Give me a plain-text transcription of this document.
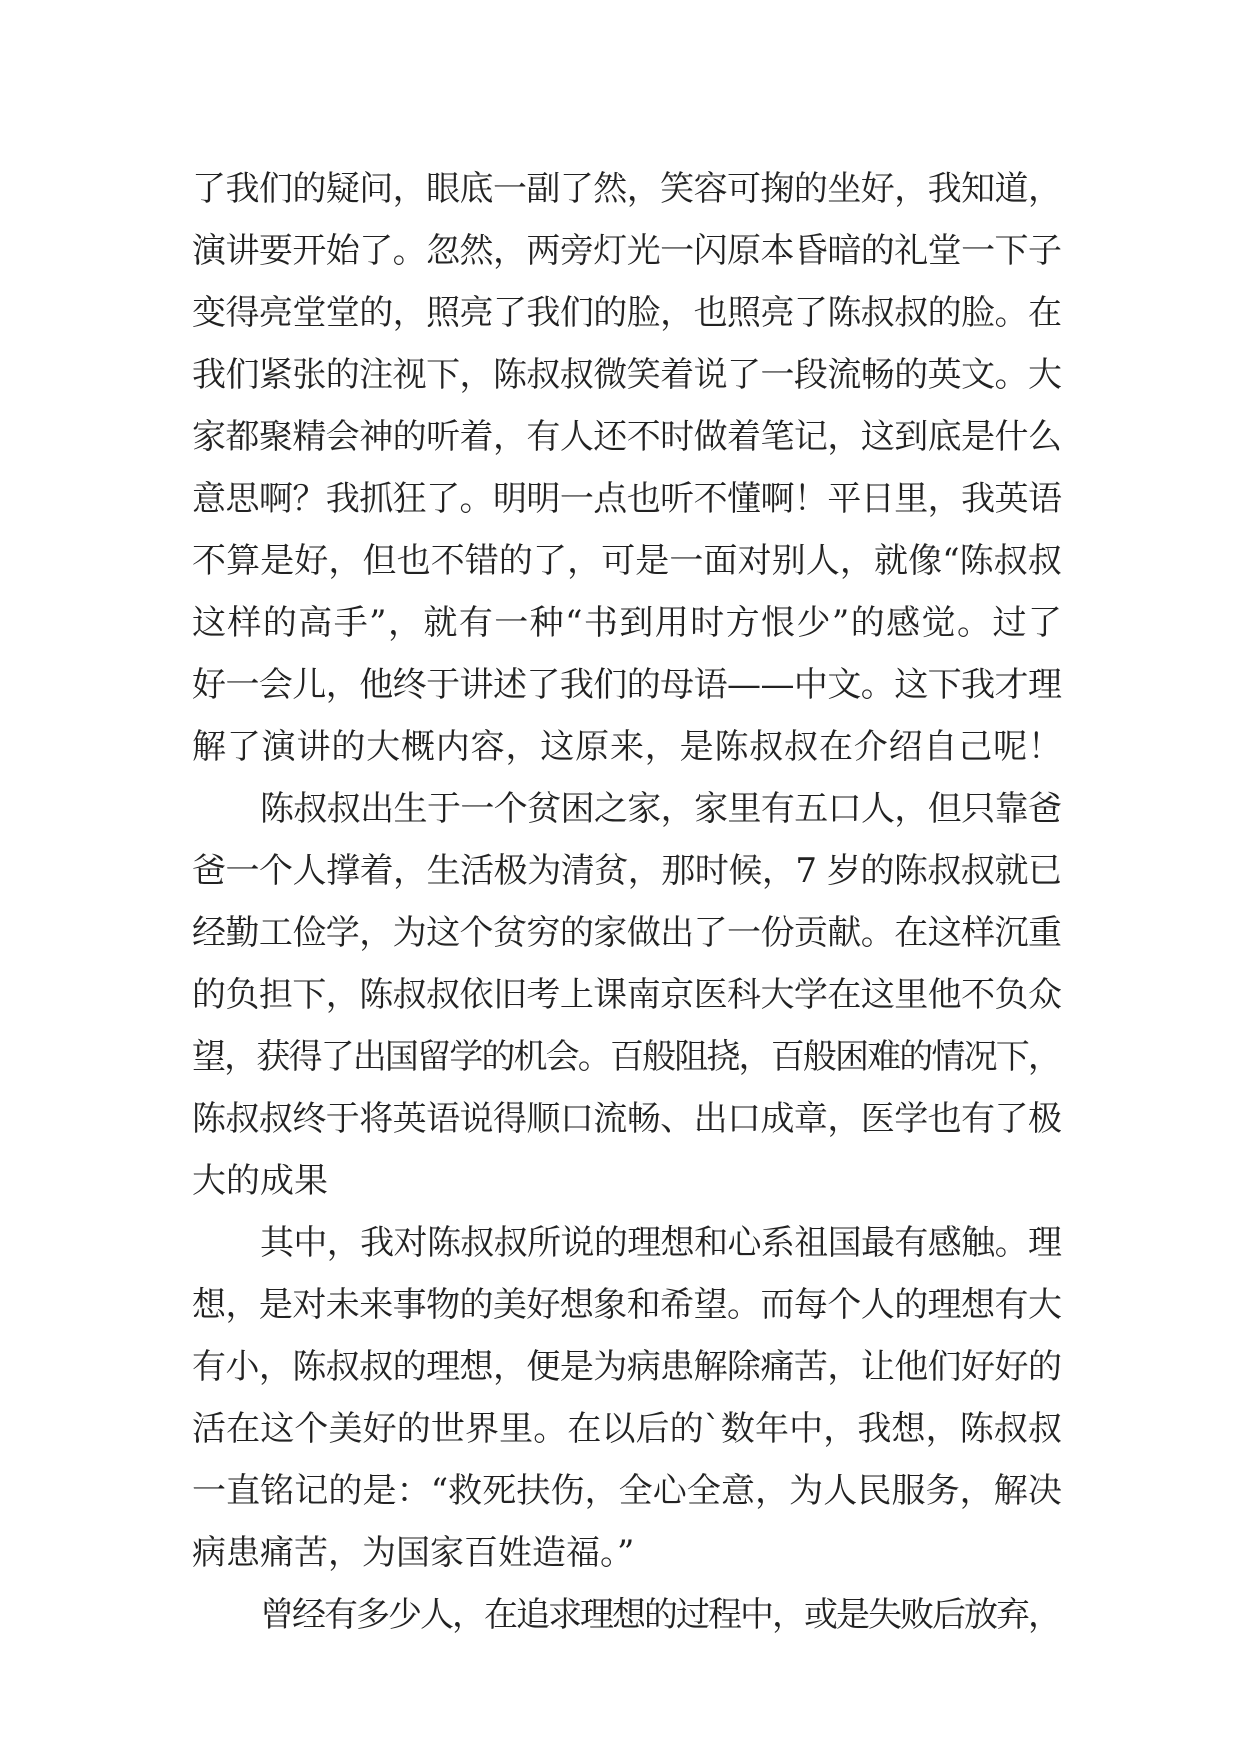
了我们的疑问，眼底一副了然，笑容可掬的坐好，我知道，
演讲要开始了。忽然，两旁灯光一闪原本昏暗的礼堂一下子
变得亮堂堂的，照亮了我们的脸，也照亮了陈叔叔的脸。在
我们紧张的注视下，陈叔叔微笑着说了一段流畅的英文。大
家都聚精会神的听着，有人还不时做着笔记，这到底是什么
意思啊？我抓狂了。明明一点也听不懂啊！平日里，我英语
不算是好，但也不错的了，可是一面对别人，就像“陈叔叔
这样的高手”，就有一种“书到用时方恨少”的感觉。过了
好一会儿，他终于讲述了我们的母语——中文。这下我才理
解了演讲的大概内容，这原来，是陈叔叔在介绍自己呢！
陈叔叔出生于一个贫困之家，家里有五口人，但只靠爸
爸一个人撑着，生活极为清贫，那时候，7 岁的陈叔叔就已
经勤工俭学，为这个贫穷的家做出了一份贡献。在这样沉重
的负担下，陈叔叔依旧考上课南京医科大学在这里他不负众
望，获得了出国留学的机会。百般阻挠，百般困难的情况下，
陈叔叔终于将英语说得顺口流畅、出口成章，医学也有了极
大的成果
其中，我对陈叔叔所说的理想和心系祖国最有感触。理
想，是对未来事物的美好想象和希望。而每个人的理想有大
有小，陈叔叔的理想，便是为病患解除痛苦，让他们好好的
活在这个美好的世界里。在以后的`数年中，我想，陈叔叔
一直铭记的是：“救死扶伤，全心全意，为人民服务，解决
病患痛苦，为国家百姓造福。”
曾经有多少人，在追求理想的过程中，或是失败后放弃，
